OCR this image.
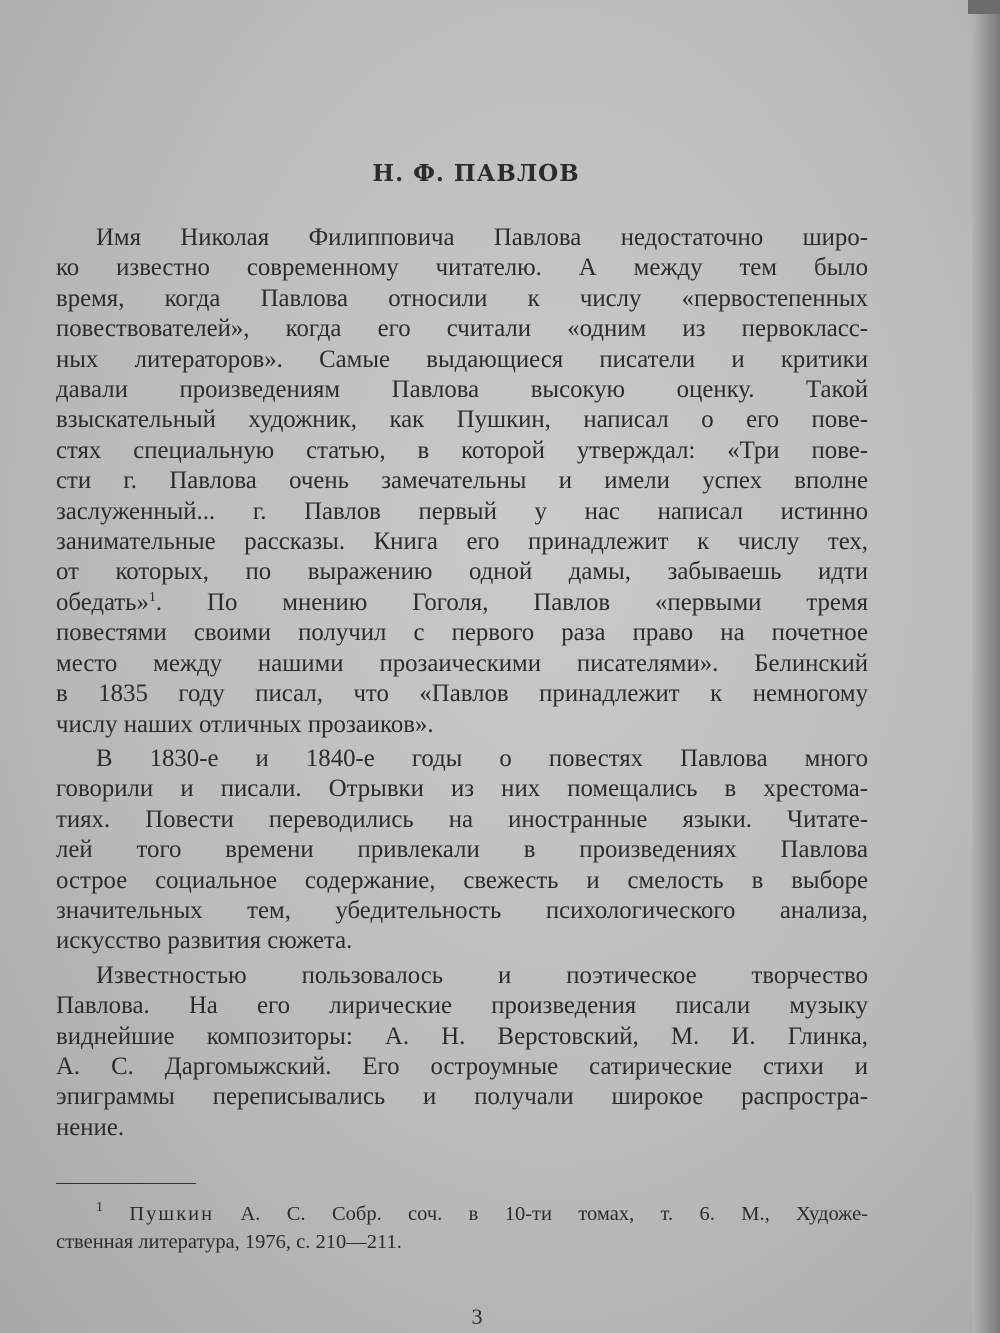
Н. Ф. ПАВЛОВ
Имя Николая Филипповича Павлова недостаточно широ-
ко известно современному читателю. А между тем было
время, когда Павлова относили к числу «первостепенных
повествователей», когда его считали «одним из первокласс-
ных литераторов». Самые выдающиеся писатели и критики
давали произведениям Павлова высокую оценку. Такой
взыскательный художник, как Пушкин, написал о его пове-
стях специальную статью, в которой утверждал: «Три пове-
сти г. Павлова очень замечательны и имели успех вполне
заслуженный... г. Павлов первый у нас написал истинно
занимательные рассказы. Книга его принадлежит к числу тех,
от которых, по выражению одной дамы, забываешь идти
обедать»$^1$. По мнению Гоголя, Павлов «первыми тремя
повестями своими получил с первого раза право на почетное
место между нашими прозаическими писателями». Белинский
в 1835 году писал, что «Павлов принадлежит к немногому
числу наших отличных прозаиков».
В 1830-е и 1840-е годы о повестях Павлова много
говорили и писали. Отрывки из них помещались в хрестома-
тиях. Повести переводились на иностранные языки. Читате-
лей того времени привлекали в произведениях Павлова
острое социальное содержание, свежесть и смелость в выборе
значительных тем, убедительность психологического анализа,
искусство развития сюжета.
Известностью пользовалось и поэтическое творчество
Павлова. На его лирические произведения писали музыку
виднейшие композиторы: А. Н. Верстовский, М. И. Глинка,
А. С. Даргомыжский. Его остроумные сатирические стихи и
эпиграммы переписывались и получали широкое распростра-
нение.
$^1$ Пушкин А. С. Собр. соч. в 10-ти томах, т. 6. М., Художе-
ственная литература, 1976, с. 210—211.
3
